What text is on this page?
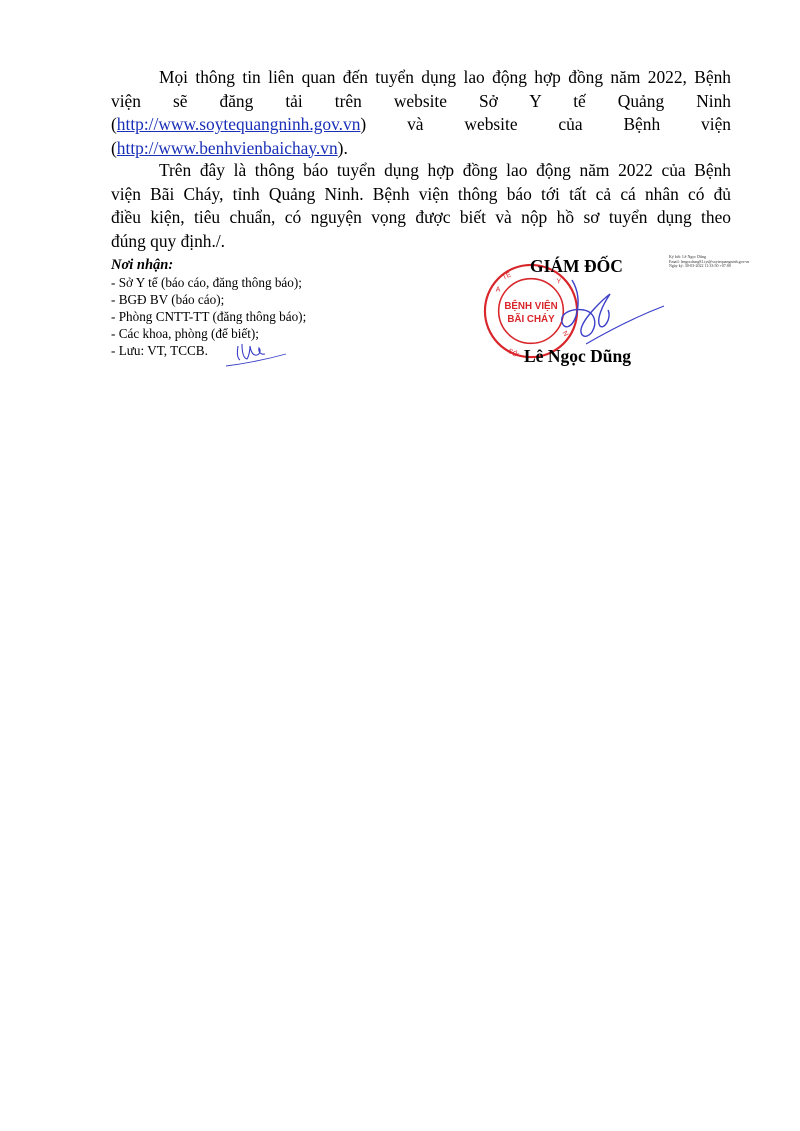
Mọi thông tin liên quan đến tuyển dụng lao động hợp đồng năm 2022, Bệnh
viện sẽ đăng tải trên website Sở Y tế Quảng Ninh
(http://www.soytequangninh.gov.vn) và website của Bệnh viện
(http://www.benhvienbaichay.vn).
Trên đây là thông báo tuyển dụng hợp đồng lao động năm 2022 của Bệnh
viện Bãi Cháy, tỉnh Quảng Ninh. Bệnh viện thông báo tới tất cả cá nhân có đủ
điều kiện, tiêu chuẩn, có nguyện vọng được biết và nộp hồ sơ tuyển dụng theo
đúng quy định./.
Nơi nhận:
- Sở Y tế (báo cáo, đăng thông báo);
- BGĐ BV (báo cáo);
- Phòng CNTT-TT (đăng thông báo);
- Các khoa, phòng (để biết);
- Lưu: VT, TCCB.
A
Y
TẾ
N
SỞ
BỆNH VIỆN
BÃI CHÁY
GIÁM ĐỐC
Lê Ngọc Dũng
Ký bởi: Lê Ngọc Dũng
Email: lengocdung81.tyt@soytequangninh.gov.vn
Ngày ký: 30-03-2022 11:33:50 +07:00
